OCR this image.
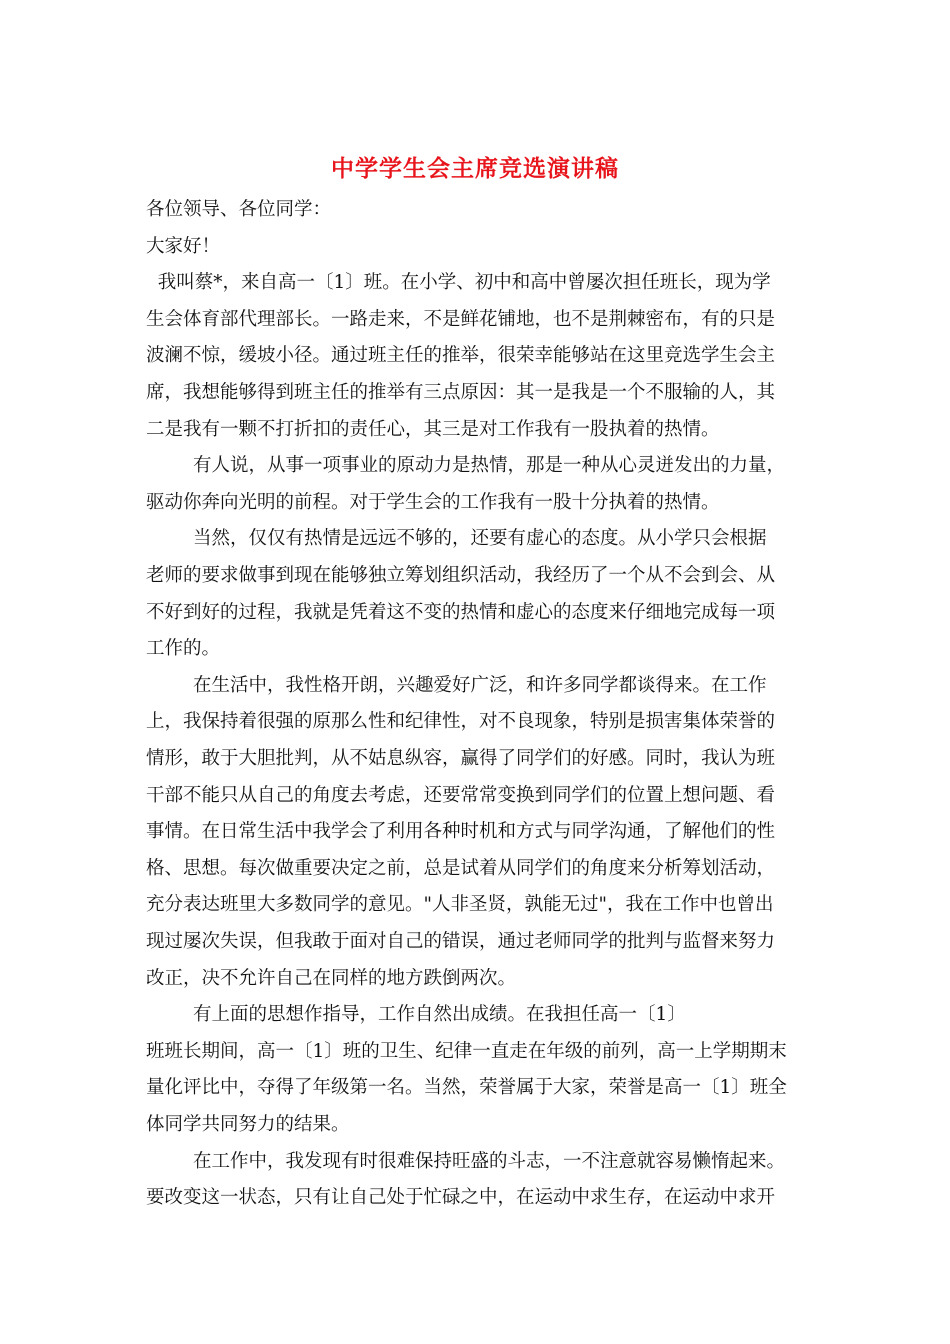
中学学生会主席竞选演讲稿
各位领导、各位同学：
大家好！
我叫蔡*，来自高一〔1〕班。在小学、初中和高中曾屡次担任班长，现为学
生会体育部代理部长。一路走来，不是鲜花铺地，也不是荆棘密布，有的只是
波澜不惊，缓坡小径。通过班主任的推举，很荣幸能够站在这里竞选学生会主
席，我想能够得到班主任的推举有三点原因：其一是我是一个不服输的人，其
二是我有一颗不打折扣的责任心，其三是对工作我有一股执着的热情。
有人说，从事一项事业的原动力是热情，那是一种从心灵迸发出的力量，
驱动你奔向光明的前程。对于学生会的工作我有一股十分执着的热情。
当然，仅仅有热情是远远不够的，还要有虚心的态度。从小学只会根据
老师的要求做事到现在能够独立筹划组织活动，我经历了一个从不会到会、从
不好到好的过程，我就是凭着这不变的热情和虚心的态度来仔细地完成每一项
工作的。
在生活中，我性格开朗，兴趣爱好广泛，和许多同学都谈得来。在工作
上，我保持着很强的原那么性和纪律性，对不良现象，特别是损害集体荣誉的
情形，敢于大胆批判，从不姑息纵容，赢得了同学们的好感。同时，我认为班
干部不能只从自己的角度去考虑，还要常常变换到同学们的位置上想问题、看
事情。在日常生活中我学会了利用各种时机和方式与同学沟通，了解他们的性
格、思想。每次做重要决定之前，总是试着从同学们的角度来分析筹划活动，
充分表达班里大多数同学的意见。"人非圣贤，孰能无过"，我在工作中也曾出
现过屡次失误，但我敢于面对自己的错误，通过老师同学的批判与监督来努力
改正，决不允许自己在同样的地方跌倒两次。
有上面的思想作指导，工作自然出成绩。在我担任高一〔1〕
班班长期间，高一〔1〕班的卫生、纪律一直走在年级的前列，高一上学期期末
量化评比中，夺得了年级第一名。当然，荣誉属于大家，荣誉是高一〔1〕班全
体同学共同努力的结果。
在工作中，我发现有时很难保持旺盛的斗志，一不注意就容易懒惰起来。
要改变这一状态，只有让自己处于忙碌之中，在运动中求生存，在运动中求开
